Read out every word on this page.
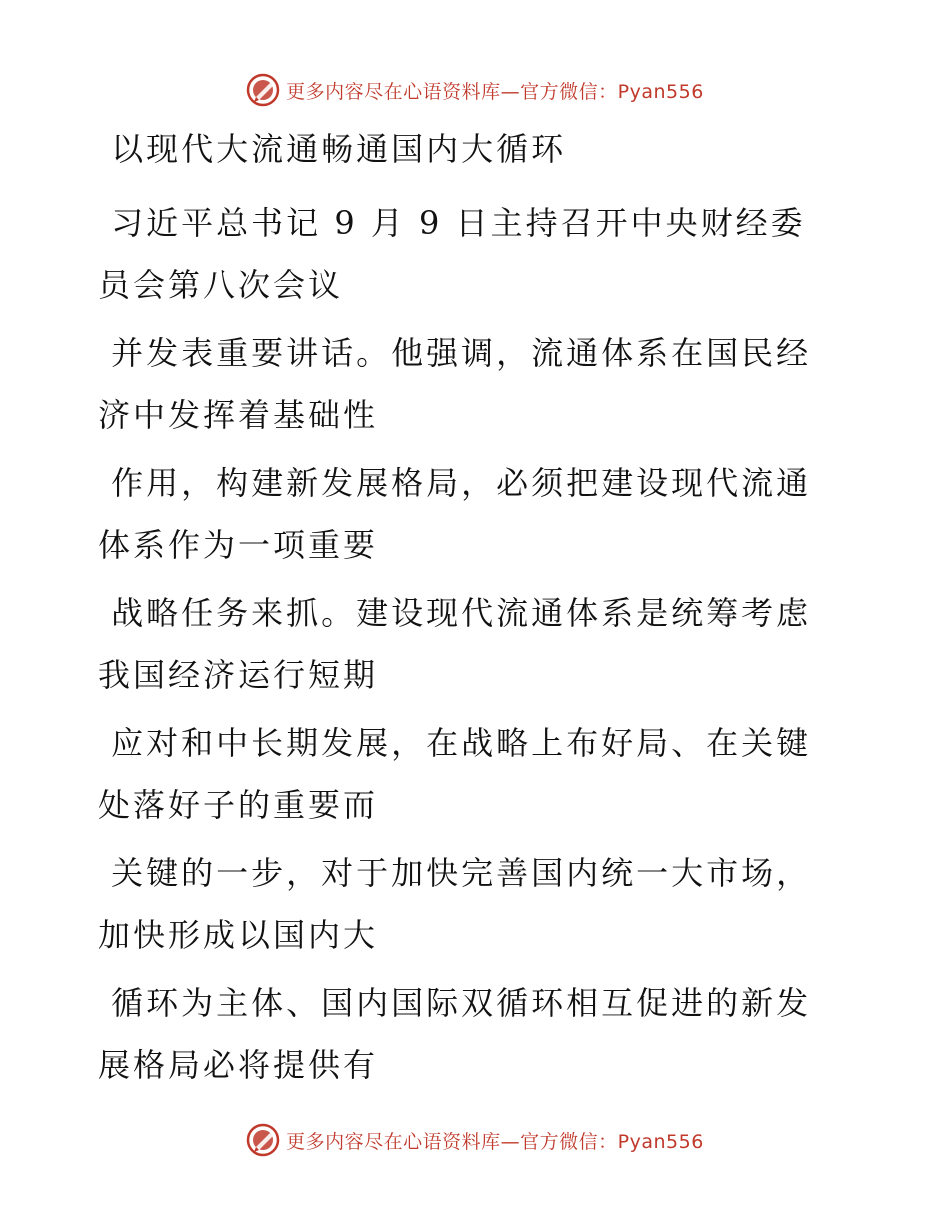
更多内容尽在心语资料库—官方微信：Pyan556

以现代大流通畅通国内大循环

习近平总书记 9 月 9 日主持召开中央财经委员会第八次会议

并发表重要讲话。他强调，流通体系在国民经济中发挥着基础性

作用，构建新发展格局，必须把建设现代流通体系作为一项重要

战略任务来抓。建设现代流通体系是统筹考虑我国经济运行短期

应对和中长期发展，在战略上布好局、在关键处落好子的重要而

关键的一步，对于加快完善国内统一大市场，加快形成以国内大

循环为主体、国内国际双循环相互促进的新发展格局必将提供有

更多内容尽在心语资料库—官方微信：Pyan556
